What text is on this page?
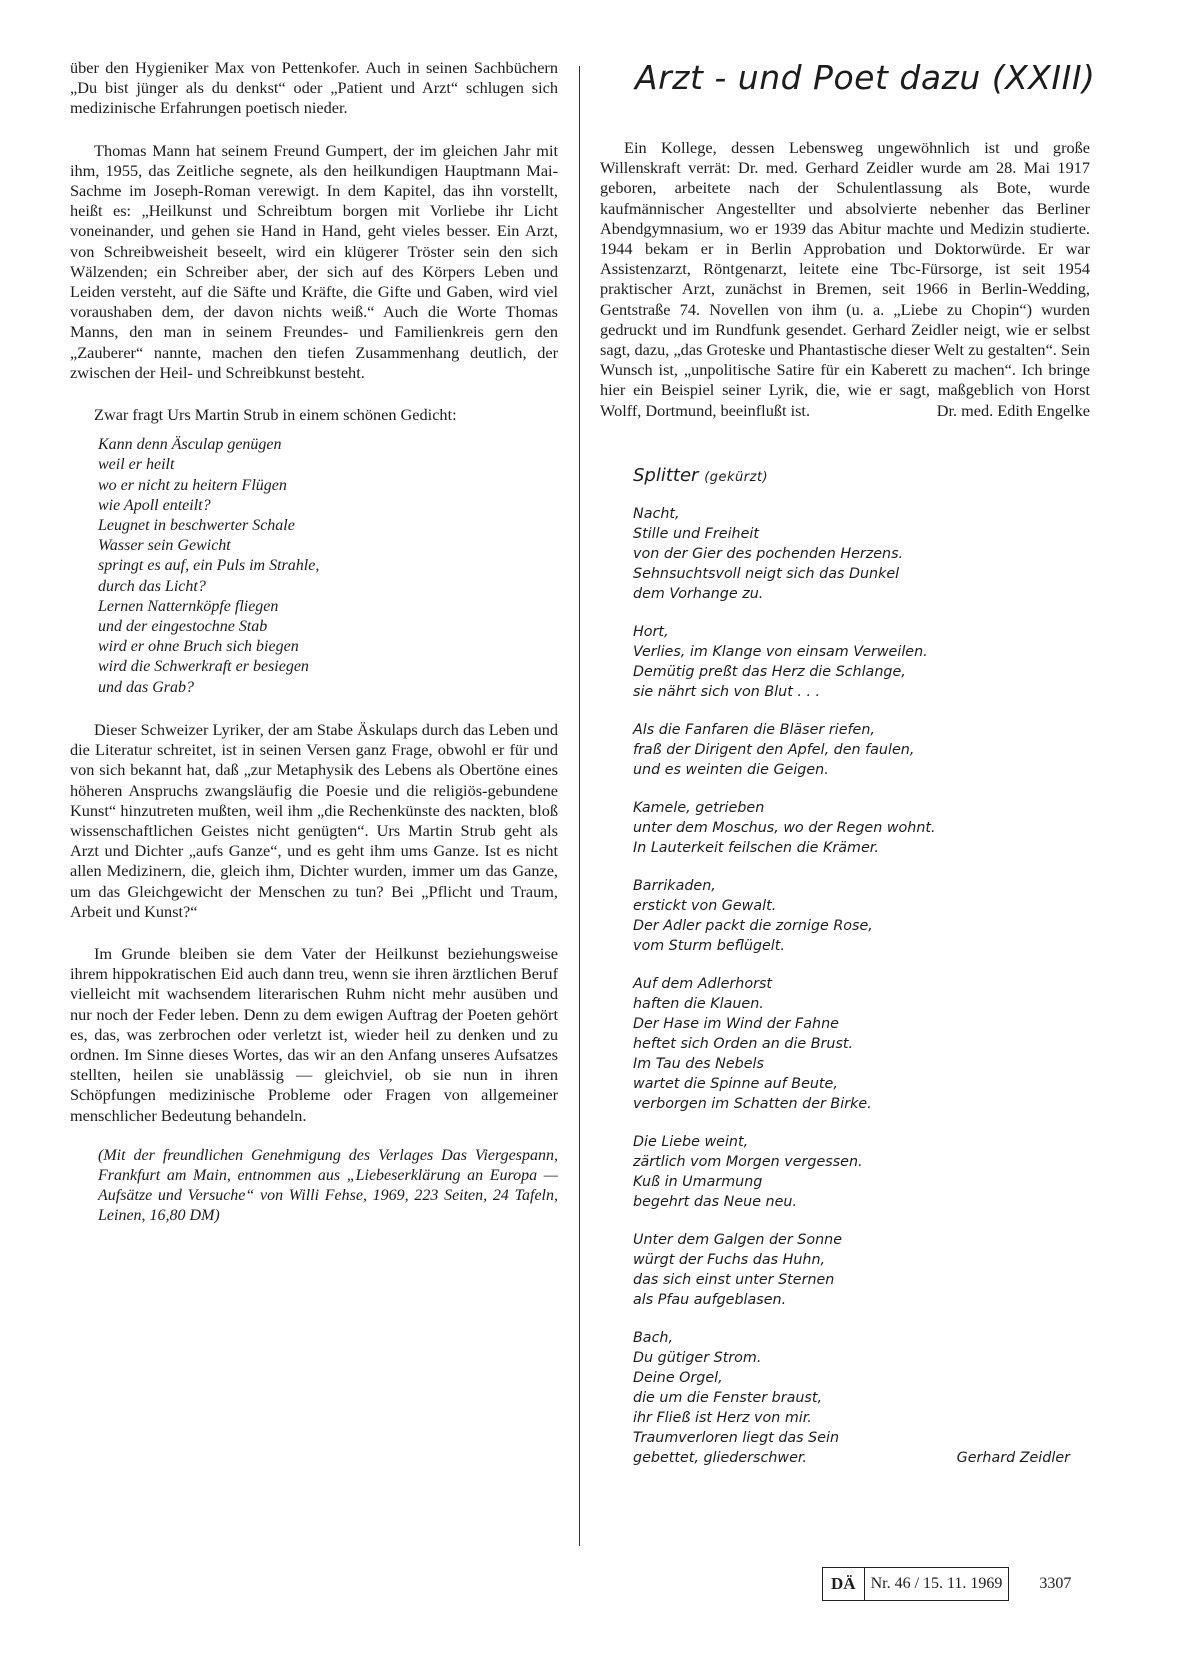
über den Hygieniker Max von Pettenkofer. Auch in seinen Sachbüchern „Du bist jünger als du denkst“ oder „Patient und Arzt“ schlugen sich medizinische Erfahrungen poetisch nieder.

Thomas Mann hat seinem Freund Gumpert, der im gleichen Jahr mit ihm, 1955, das Zeitliche segnete, als den heilkundigen Hauptmann Mai-Sachme im Joseph-Roman verewigt. In dem Kapitel, das ihn vorstellt, heißt es: „Heilkunst und Schreibtum borgen mit Vorliebe ihr Licht voneinander, und gehen sie Hand in Hand, geht vieles besser. Ein Arzt, von Schreibweisheit beseelt, wird ein klügerer Tröster sein den sich Wälzenden; ein Schreiber aber, der sich auf des Körpers Leben und Leiden versteht, auf die Säfte und Kräfte, die Gifte und Gaben, wird viel voraushaben dem, der davon nichts weiß.“ Auch die Worte Thomas Manns, den man in seinem Freundes- und Familienkreis gern den „Zauberer“ nannte, machen den tiefen Zusammenhang deutlich, der zwischen der Heil- und Schreibkunst besteht.

Zwar fragt Urs Martin Strub in einem schönen Gedicht:

Kann denn Äsculap genügen
weil er heilt
wo er nicht zu heitern Flügen
wie Apoll enteilt?
Leugnet in beschwerter Schale
Wasser sein Gewicht
springt es auf, ein Puls im Strahle,
durch das Licht?
Lernen Natternköpfe fliegen
und der eingestochne Stab
wird er ohne Bruch sich biegen
wird die Schwerkraft er besiegen
und das Grab?

Dieser Schweizer Lyriker, der am Stabe Äskulaps durch das Leben und die Literatur schreitet, ist in seinen Versen ganz Frage, obwohl er für und von sich bekannt hat, daß „zur Metaphysik des Lebens als Obertöne eines höheren Anspruchs zwangsläufig die Poesie und die religiös-gebundene Kunst“ hinzutreten mußten, weil ihm „die Rechenkünste des nackten, bloß wissenschaftlichen Geistes nicht genügten“. Urs Martin Strub geht als Arzt und Dichter „aufs Ganze“, und es geht ihm ums Ganze. Ist es nicht allen Medizinern, die, gleich ihm, Dichter wurden, immer um das Ganze, um das Gleichgewicht der Menschen zu tun? Bei „Pflicht und Traum, Arbeit und Kunst?“

Im Grunde bleiben sie dem Vater der Heilkunst beziehungsweise ihrem hippokratischen Eid auch dann treu, wenn sie ihren ärztlichen Beruf vielleicht mit wachsendem literarischen Ruhm nicht mehr ausüben und nur noch der Feder leben. Denn zu dem ewigen Auftrag der Poeten gehört es, das, was zerbrochen oder verletzt ist, wieder heil zu denken und zu ordnen. Im Sinne dieses Wortes, das wir an den Anfang unseres Aufsatzes stellten, heilen sie unablässig — gleichviel, ob sie nun in ihren Schöpfungen medizinische Probleme oder Fragen von allgemeiner menschlicher Bedeutung behandeln.

(Mit der freundlichen Genehmigung des Verlages Das Viergespann, Frankfurt am Main, entnommen aus „Liebeserklärung an Europa — Aufsätze und Versuche“ von Willi Fehse, 1969, 223 Seiten, 24 Tafeln, Leinen, 16,80 DM)
Arzt - und Poet dazu (XXIII)

Ein Kollege, dessen Lebensweg ungewöhnlich ist und große Willenskraft verrät: Dr. med. Gerhard Zeidler wurde am 28. Mai 1917 geboren, arbeitete nach der Schulentlassung als Bote, wurde kaufmännischer Angestellter und absolvierte nebenher das Berliner Abendgymnasium, wo er 1939 das Abitur machte und Medizin studierte. 1944 bekam er in Berlin Approbation und Doktorwürde. Er war Assistenzarzt, Röntgenarzt, leitete eine Tbc-Fürsorge, ist seit 1954 praktischer Arzt, zunächst in Bremen, seit 1966 in Berlin-Wedding, Gentstraße 74. Novellen von ihm (u. a. „Liebe zu Chopin“) wurden gedruckt und im Rundfunk gesendet. Gerhard Zeidler neigt, wie er selbst sagt, dazu, „das Groteske und Phantastische dieser Welt zu gestalten“. Sein Wunsch ist, „unpolitische Satire für ein Kaberett zu machen“. Ich bringe hier ein Beispiel seiner Lyrik, die, wie er sagt, maßgeblich von Horst Wolff, Dortmund, beeinflußt ist.	Dr. med. Edith Engelke

Splitter (gekürzt)
Nacht,
Stille und Freiheit
von der Gier des pochenden Herzens.
Sehnsuchtsvoll neigt sich das Dunkel
dem Vorhange zu.
Hort,
Verlies, im Klange von einsam Verweilen.
Demütig preßt das Herz die Schlange,
sie nährt sich von Blut . . .
Als die Fanfaren die Bläser riefen,
fraß der Dirigent den Apfel, den faulen,
und es weinten die Geigen.
Kamele, getrieben
unter dem Moschus, wo der Regen wohnt.
In Lauterkeit feilschen die Krämer.
Barrikaden,
erstickt von Gewalt.
Der Adler packt die zornige Rose,
vom Sturm beflügelt.
Auf dem Adlerhorst
haften die Klauen.
Der Hase im Wind der Fahne
heftet sich Orden an die Brust.
Im Tau des Nebels
wartet die Spinne auf Beute,
verborgen im Schatten der Birke.
Die Liebe weint,
zärtlich vom Morgen vergessen.
Kuß in Umarmung
begehrt das Neue neu.
Unter dem Galgen der Sonne
würgt der Fuchs das Huhn,
das sich einst unter Sternen
als Pfau aufgeblasen.
Bach,
Du gütiger Strom.
Deine Orgel,
die um die Fenster braust,
ihr Fließ ist Herz von mir.
Traumverloren liegt das Sein
gebettet, gliederschwer.	Gerhard Zeidler
DÄ Nr. 46 / 15. 11. 1969	3307
